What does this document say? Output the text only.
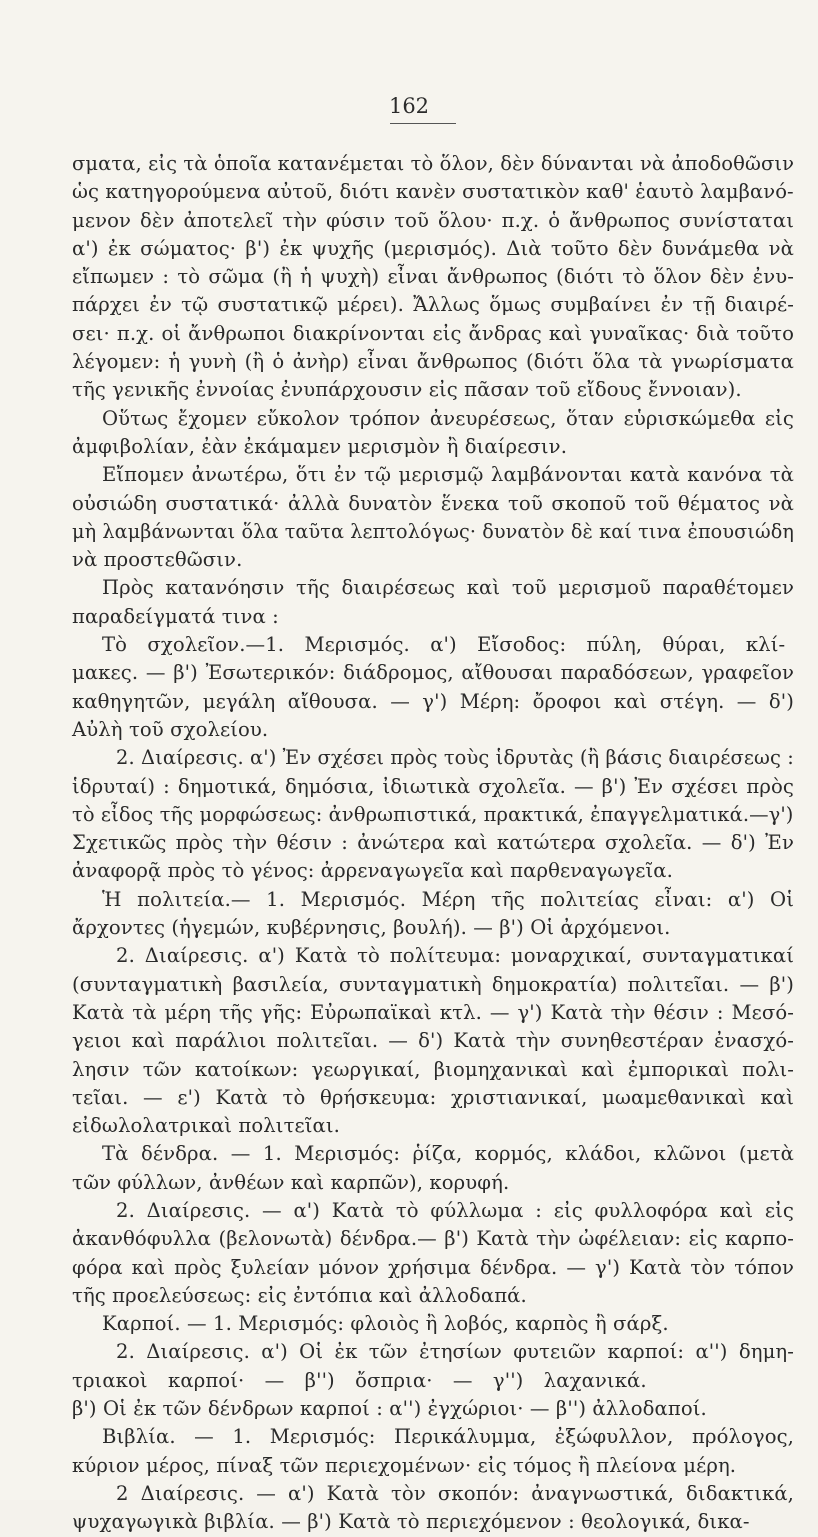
162
σματα, εἰς τὰ ὁποῖα κατανέμεται τὸ ὅλον, δὲν δύνανται νὰ ἀποδοθῶσιν
ὡς κατηγορούμενα αὐτοῦ, διότι κανὲν συστατικὸν καθ' ἑαυτὸ λαμβανό-
μενον δὲν ἀποτελεῖ τὴν φύσιν τοῦ ὅλου· π.χ. ὁ ἄνθρωπος συνίσταται
α') ἐκ σώματος· β') ἐκ ψυχῆς (μερισμός). Διὰ τοῦτο δὲν δυνάμεθα νὰ
εἴπωμεν : τὸ σῶμα (ἢ ἡ ψυχὴ) εἶναι ἄνθρωπος (διότι τὸ ὅλον δὲν ἐνυ-
πάρχει ἐν τῷ συστατικῷ μέρει). Ἄλλως ὅμως συμβαίνει ἐν τῇ διαιρέ-
σει· π.χ. οἱ ἄνθρωποι διακρίνονται εἰς ἄνδρας καὶ γυναῖκας· διὰ τοῦτο
λέγομεν: ἡ γυνὴ (ἢ ὁ ἀνὴρ) εἶναι ἄνθρωπος (διότι ὅλα τὰ γνωρίσματα
τῆς γενικῆς ἐννοίας ἐνυπάρχουσιν εἰς πᾶσαν τοῦ εἴδους ἔννοιαν).
Οὕτως ἔχομεν εὔκολον τρόπον ἀνευρέσεως, ὅταν εὑρισκώμεθα εἰς
ἀμφιβολίαν, ἐὰν ἐκάμαμεν μερισμὸν ἢ διαίρεσιν.
Εἴπομεν ἀνωτέρω, ὅτι ἐν τῷ μερισμῷ λαμβάνονται κατὰ κανόνα τὰ
οὐσιώδη συστατικά· ἀλλὰ δυνατὸν ἕνεκα τοῦ σκοποῦ τοῦ θέματος νὰ
μὴ λαμβάνωνται ὅλα ταῦτα λεπτολόγως· δυνατὸν δὲ καί τινα ἐπουσιώδη
νὰ προστεθῶσιν.
Πρὸς κατανόησιν τῆς διαιρέσεως καὶ τοῦ μερισμοῦ παραθέτομεν
παραδείγματά τινα :
Τὸ σχολεῖον.—1. Μερισμός. α') Εἴσοδος: πύλη, θύραι, κλί-
μακες. — β') Ἐσωτερικόν: διάδρομος, αἴθουσαι παραδόσεων, γραφεῖον
καθηγητῶν, μεγάλη αἴθουσα. — γ') Μέρη: ὄροφοι καὶ στέγη. — δ')
Αὐλὴ τοῦ σχολείου.
2. Διαίρεσις. α') Ἐν σχέσει πρὸς τοὺς ἱδρυτὰς (ἢ βάσις διαιρέσεως :
ἱδρυταί) : δημοτικά, δημόσια, ἰδιωτικὰ σχολεῖα. — β') Ἐν σχέσει πρὸς
τὸ εἶδος τῆς μορφώσεως: ἀνθρωπιστικά, πρακτικά, ἐπαγγελματικά.—γ')
Σχετικῶς πρὸς τὴν θέσιν : ἀνώτερα καὶ κατώτερα σχολεῖα. — δ') Ἐν
ἀναφορᾷ πρὸς τὸ γένος: ἀρρεναγωγεῖα καὶ παρθεναγωγεῖα.
Ἡ πολιτεία.— 1. Μερισμός. Μέρη τῆς πολιτείας εἶναι: α') Οἱ
ἄρχοντες (ἡγεμών, κυβέρνησις, βουλή). — β') Οἱ ἀρχόμενοι.
2. Διαίρεσις. α') Κατὰ τὸ πολίτευμα: μοναρχικαί, συνταγματικαί
(συνταγματικὴ βασιλεία, συνταγματικὴ δημοκρατία) πολιτεῖαι. — β')
Κατὰ τὰ μέρη τῆς γῆς: Εὐρωπαϊκαὶ κτλ. — γ') Κατὰ τὴν θέσιν : Μεσό-
γειοι καὶ παράλιοι πολιτεῖαι. — δ') Κατὰ τὴν συνηθεστέραν ἐνασχό-
λησιν τῶν κατοίκων: γεωργικαί, βιομηχανικαὶ καὶ ἐμπορικαὶ πολι-
τεῖαι. — ε') Κατὰ τὸ θρήσκευμα: χριστιανικαί, μωαμεθανικαὶ καὶ
εἰδωλολατρικαὶ πολιτεῖαι.
Τὰ δένδρα. — 1. Μερισμός: ῥίζα, κορμός, κλάδοι, κλῶνοι (μετὰ
τῶν φύλλων, ἀνθέων καὶ καρπῶν), κορυφή.
2. Διαίρεσις. — α') Κατὰ τὸ φύλλωμα : εἰς φυλλοφόρα καὶ εἰς
ἀκανθόφυλλα (βελονωτὰ) δένδρα.— β') Κατὰ τὴν ὠφέλειαν: εἰς καρπο-
φόρα καὶ πρὸς ξυλείαν μόνον χρήσιμα δένδρα. — γ') Κατὰ τὸν τόπον
τῆς προελεύσεως: εἰς ἐντόπια καὶ ἀλλοδαπά.
Καρποί. — 1. Μερισμός: φλοιὸς ἢ λοβός, καρπὸς ἢ σάρξ.
2. Διαίρεσις. α') Οἱ ἐκ τῶν ἐτησίων φυτειῶν καρποί: α'') δημη-
τριακοὶ καρποί· — β'') ὄσπρια· — γ'') λαχανικά.
β') Οἱ ἐκ τῶν δένδρων καρποί : α'') ἐγχώριοι· — β'') ἀλλοδαποί.
Βιβλία. — 1. Μερισμός: Περικάλυμμα, ἐξώφυλλον, πρόλογος,
κύριον μέρος, πίναξ τῶν περιεχομένων· εἰς τόμος ἢ πλείονα μέρη.
2 Διαίρεσις. — α') Κατὰ τὸν σκοπόν: ἀναγνωστικά, διδακτικά,
ψυχαγωγικὰ βιβλία. — β') Κατὰ τὸ περιεχόμενον : θεολογικά, δικα-
